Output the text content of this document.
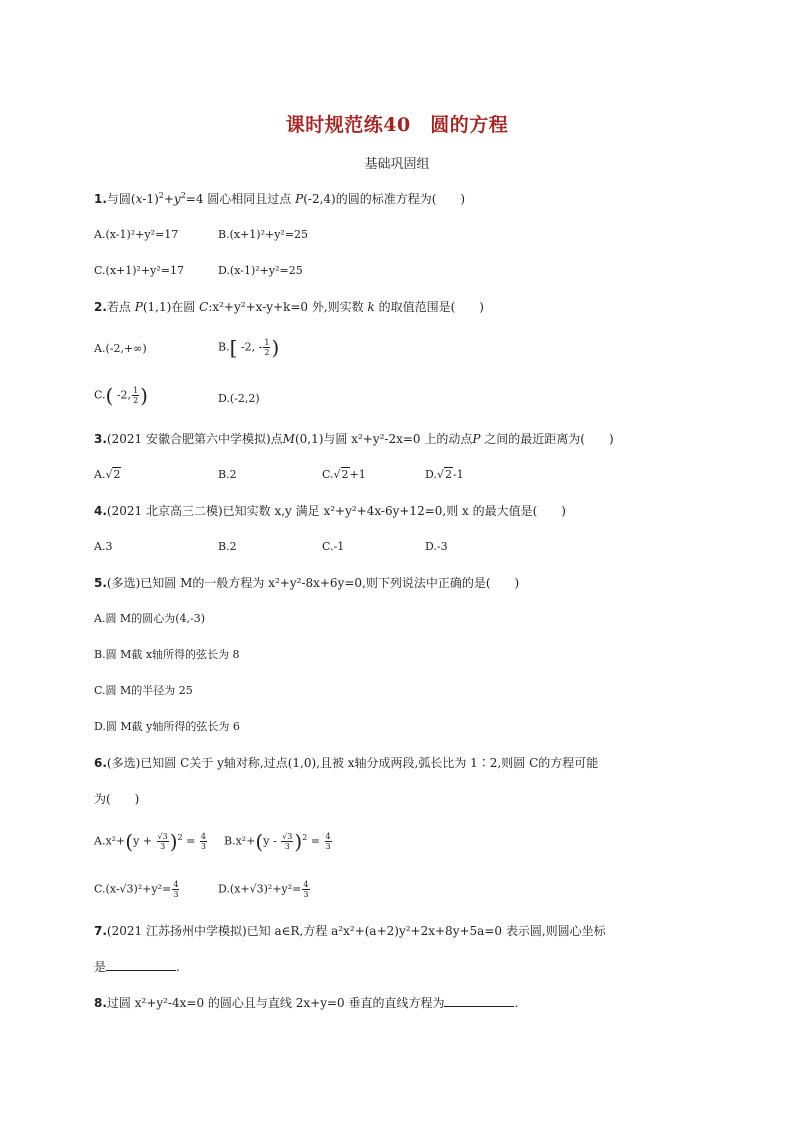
课时规范练40　圆的方程
基础巩固组
1.与圆$(x-1)^2+y^2=4$ 圆心相同且过点 P(-2,4)的圆的标准方程为(　　)
A.(x-1)²+y²=17	B.(x+1)²+y²=25
C.(x+1)²+y²=17	D.(x-1)²+y²=25
2.若点 P(1,1)在圆 C:x²+y²+x-y+k=0 外,则实数 k 的取值范围是(　　)
A.(-2,+∞)	B.[ -2, - $\frac{1}{2}$ )
C.( -2, $\frac{1}{2}$ )	D.(-2,2)
3.(2021 安徽合肥第六中学模拟)点M(0,1)与圆 x²+y²-2x=0 上的动点P 之间的最近距离为(　　)
A.√2	B.2	C.√2+1	D.√2-1
4.(2021 北京高三二模)已知实数 x,y 满足 x²+y²+4x-6y+12=0,则 x 的最大值是(　　)
A.3	B.2	C.-1	D.-3
5.(多选)已知圆 M的一般方程为 x²+y²-8x+6y=0,则下列说法中正确的是(　　)
A.圆 M的圆心为(4,-3)
B.圆 M截 x轴所得的弦长为 8
C.圆 M的半径为 25
D.圆 M截 y轴所得的弦长为 6
6.(多选)已知圆 C关于 y轴对称,过点(1,0),且被 x轴分成两段,弧长比为 1∶2,则圆 C的方程可能
为(　　)
$A.x^2+(y + \frac{√3}{3} )^2 = \frac{4}{3} B.x^2+(y - \frac{√3}{3} )^2 = \frac{4}{3}$
$C.(x-√3)^2+y^2= \frac{4}{3}$	$D.(x+√3)^2+y^2= \frac{4}{3}$
7.(2021 江苏扬州中学模拟)已知 a∈R,方程 a²x²+(a+2)y²+2x+8y+5a=0 表示圆,则圆心坐标
是	.
8.过圆 x²+y²-4x=0 的圆心且与直线 2x+y=0 垂直的直线方程为	.
